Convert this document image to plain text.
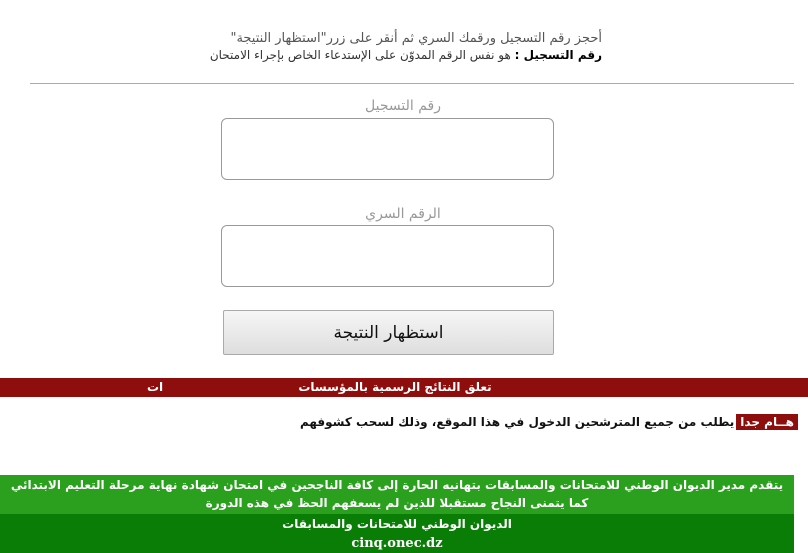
أحجز رقم التسجيل ورقمك السري ثم أنقر على زرر"استظهار النتيجة"
رقم التسجيل : هو نفس الرقم المدوّن على الإستدعاء الخاص بإجراء الامتحان
رقم التسجيل
الرقم السري
استظهار النتيجة
تعلق النتائج الرسمية بالمؤسسات
ات
هــام جدايطلب من جميع المترشحين الدخول في هذا الموقع، وذلك لسحب كشوفهم
يتقدم مدير الديوان الوطني للامتحانات والمسابقات بتهانيه الحارة إلى كافة الناجحين في امتحان شهادة نهاية مرحلة التعليم الابتدائي
كما يتمنى النجاح مستقبلا للذين لم يسعفهم الحظ في هذه الدورة
الديوان الوطني للامتحانات والمسابقات
cinq.onec.dz
